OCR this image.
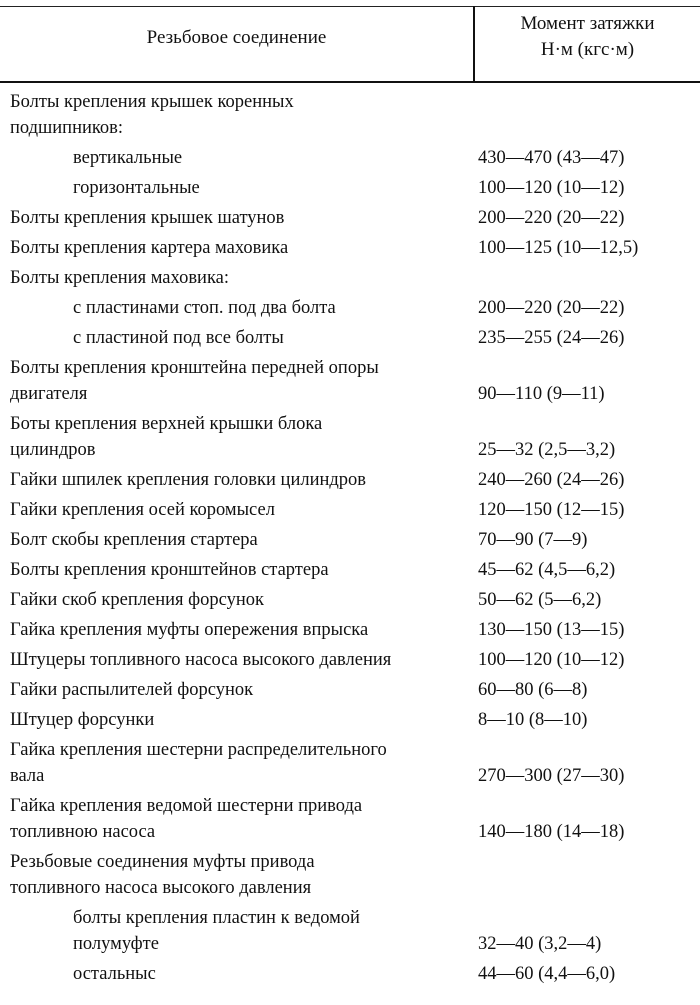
Резьбовое соединение
Момент затяжки
Н·м (кгс·м)
Болты крепления крышек коренных
подшипников:
вертикальные	430—470 (43—47)
горизонтальные	100—120 (10—12)
Болты крепления крышек шатунов	200—220 (20—22)
Болты крепления картера маховика	100—125 (10—12,5)
Болты крепления маховика:
с пластинами стоп. под два болта	200—220 (20—22)
с пластиной под все болты	235—255 (24—26)
Болты крепления кронштейна передней опоры
двигателя	90—110 (9—11)
Боты крепления верхней крышки блока
цилиндров	25—32 (2,5—3,2)
Гайки шпилек крепления головки цилиндров	240—260 (24—26)
Гайки крепления осей коромысел	120—150 (12—15)
Болт скобы крепления стартера	70—90 (7—9)
Болты крепления кронштейнов стартера	45—62 (4,5—6,2)
Гайки скоб крепления форсунок	50—62 (5—6,2)
Гайка крепления муфты опережения впрыска	130—150 (13—15)
Штуцеры топливного насоса высокого давления	100—120 (10—12)
Гайки распылителей форсунок	60—80 (6—8)
Штуцер форсунки	8—10 (8—10)
Гайка крепления шестерни распределительного
вала	270—300 (27—30)
Гайка крепления ведомой шестерни привода
топливною насоса	140—180 (14—18)
Резьбовые соединения муфты привода
топливного насоса высокого давления
болты крепления пластин к ведомой
полумуфте	32—40 (3,2—4)
остальныс	44—60 (4,4—6,0)
